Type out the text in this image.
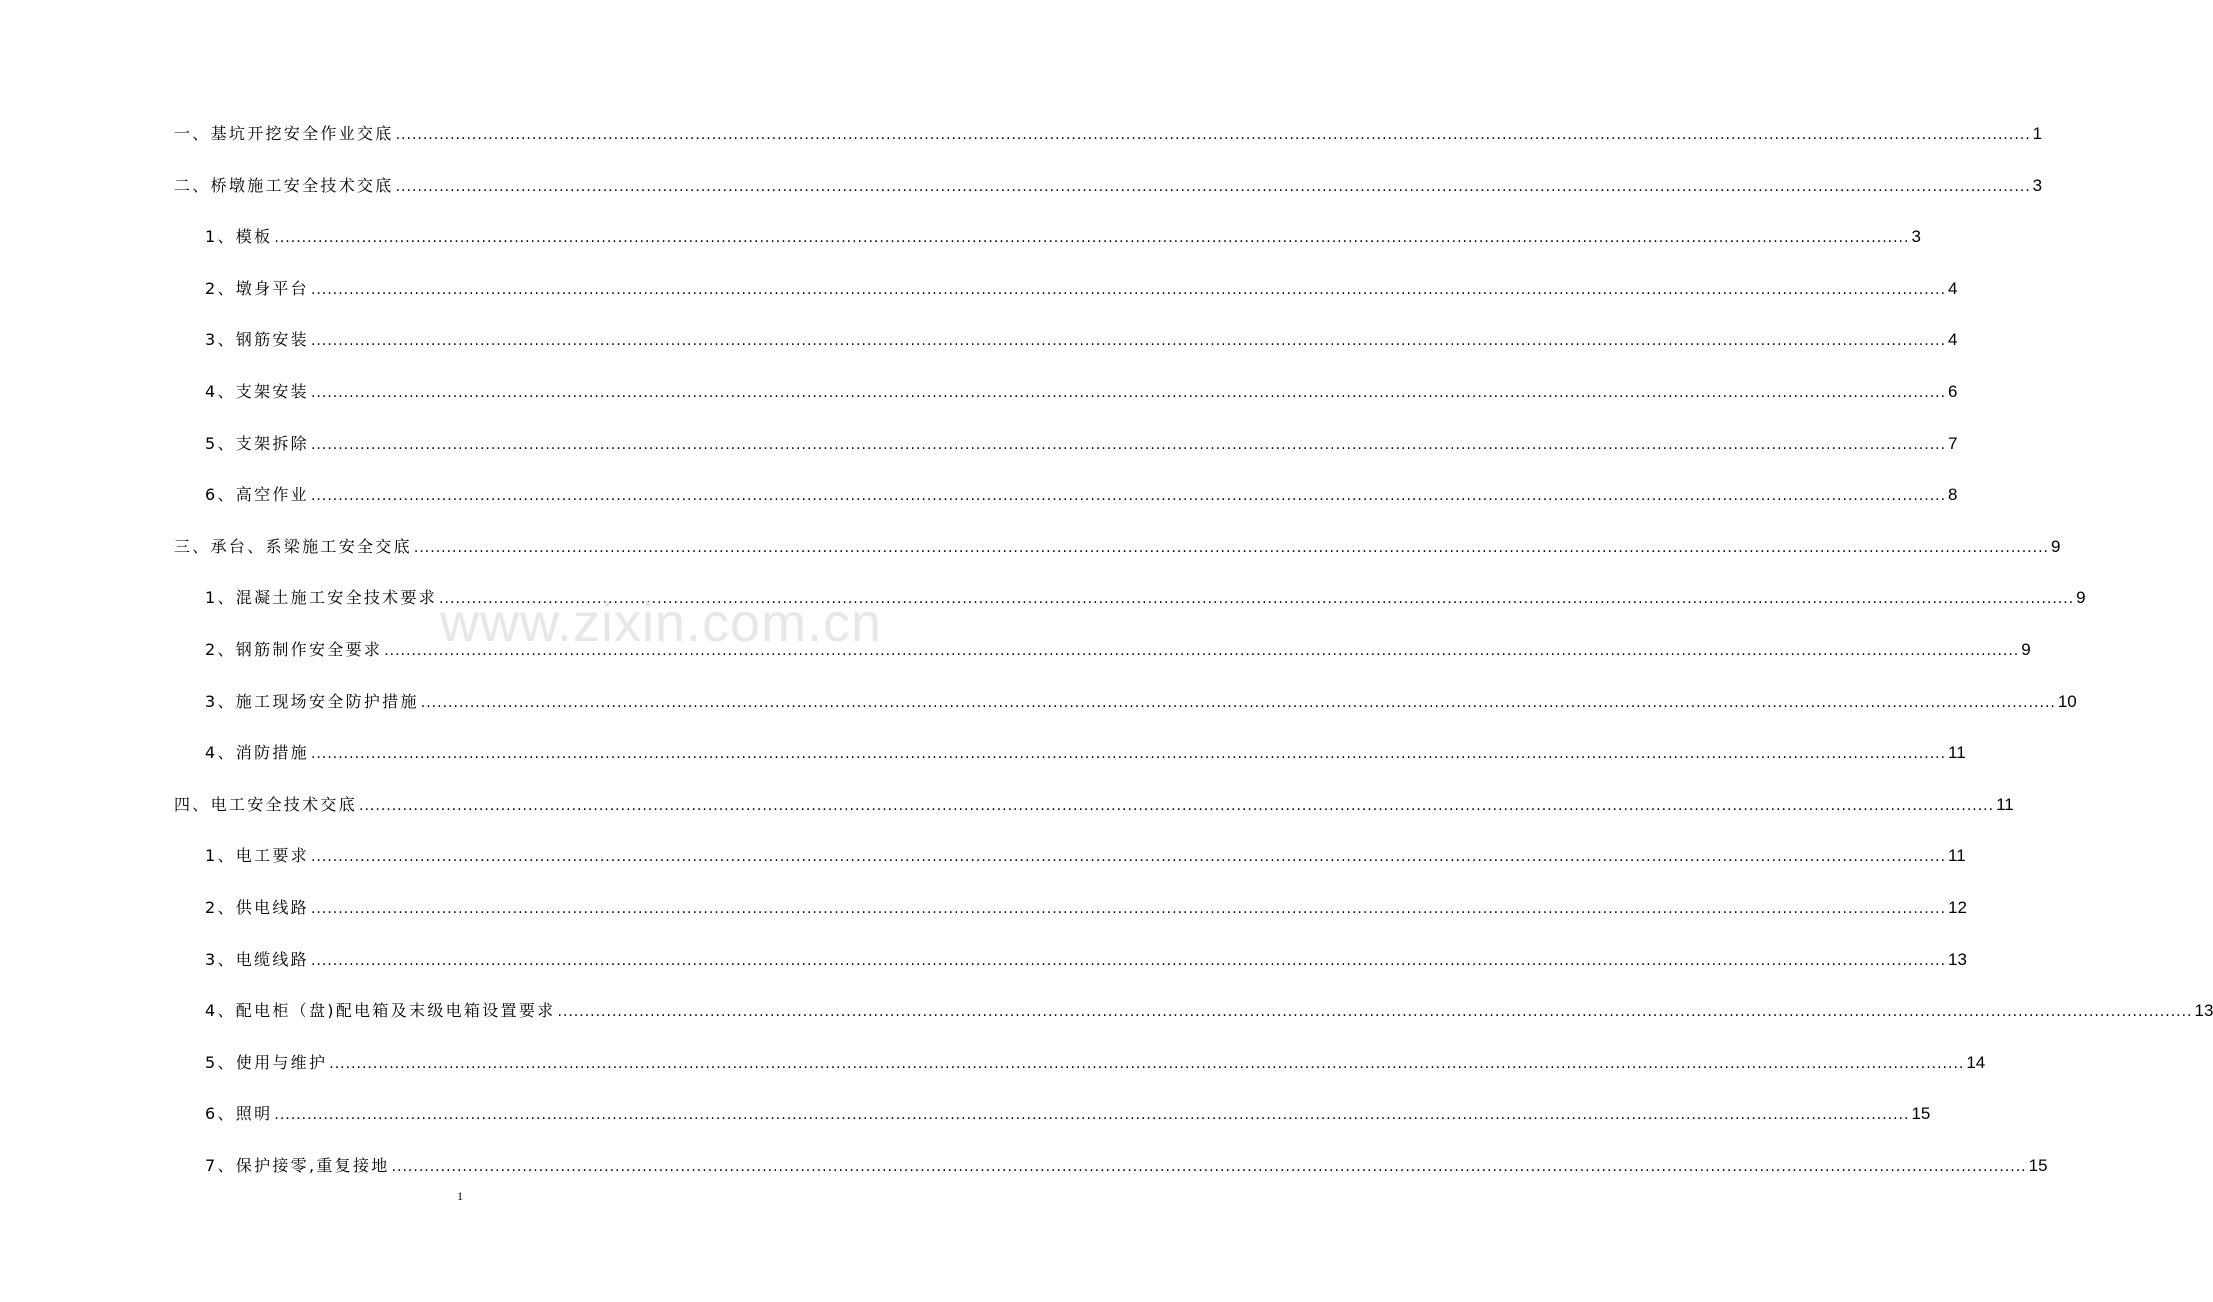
一、基坑开挖安全作业交底 ............................................................................................................................................................................................................................................................................................................ 1
二、桥墩施工安全技术交底 ............................................................................................................................................................................................................................................................................................................ 3
1、模板 ............................................................................................................................................................................................................................................................................................................ 3
2、墩身平台 ............................................................................................................................................................................................................................................................................................................ 4
3、钢筋安装 ............................................................................................................................................................................................................................................................................................................ 4
4、支架安装 ............................................................................................................................................................................................................................................................................................................ 6
5、支架拆除 ............................................................................................................................................................................................................................................................................................................ 7
6、高空作业 ............................................................................................................................................................................................................................................................................................................ 8
三、承台、系梁施工安全交底 ............................................................................................................................................................................................................................................................................................................ 9
1、混凝土施工安全技术要求 ............................................................................................................................................................................................................................................................................................................ 9
2、钢筋制作安全要求 ............................................................................................................................................................................................................................................................................................................ 9
3、施工现场安全防护措施 ............................................................................................................................................................................................................................................................................................................ 10
4、消防措施 ............................................................................................................................................................................................................................................................................................................ 11
四、电工安全技术交底 ............................................................................................................................................................................................................................................................................................................ 11
1、电工要求 ............................................................................................................................................................................................................................................................................................................ 11
2、供电线路 ............................................................................................................................................................................................................................................................................................................ 12
3、电缆线路 ............................................................................................................................................................................................................................................................................................................ 13
4、配电柜（盘)配电箱及末级电箱设置要求 ............................................................................................................................................................................................................................................................................................................ 13
5、使用与维护 ............................................................................................................................................................................................................................................................................................................ 14
6、照明 ............................................................................................................................................................................................................................................................................................................ 15
7、保护接零,重复接地 ............................................................................................................................................................................................................................................................................................................ 15
www.zixin.com.cn
1
